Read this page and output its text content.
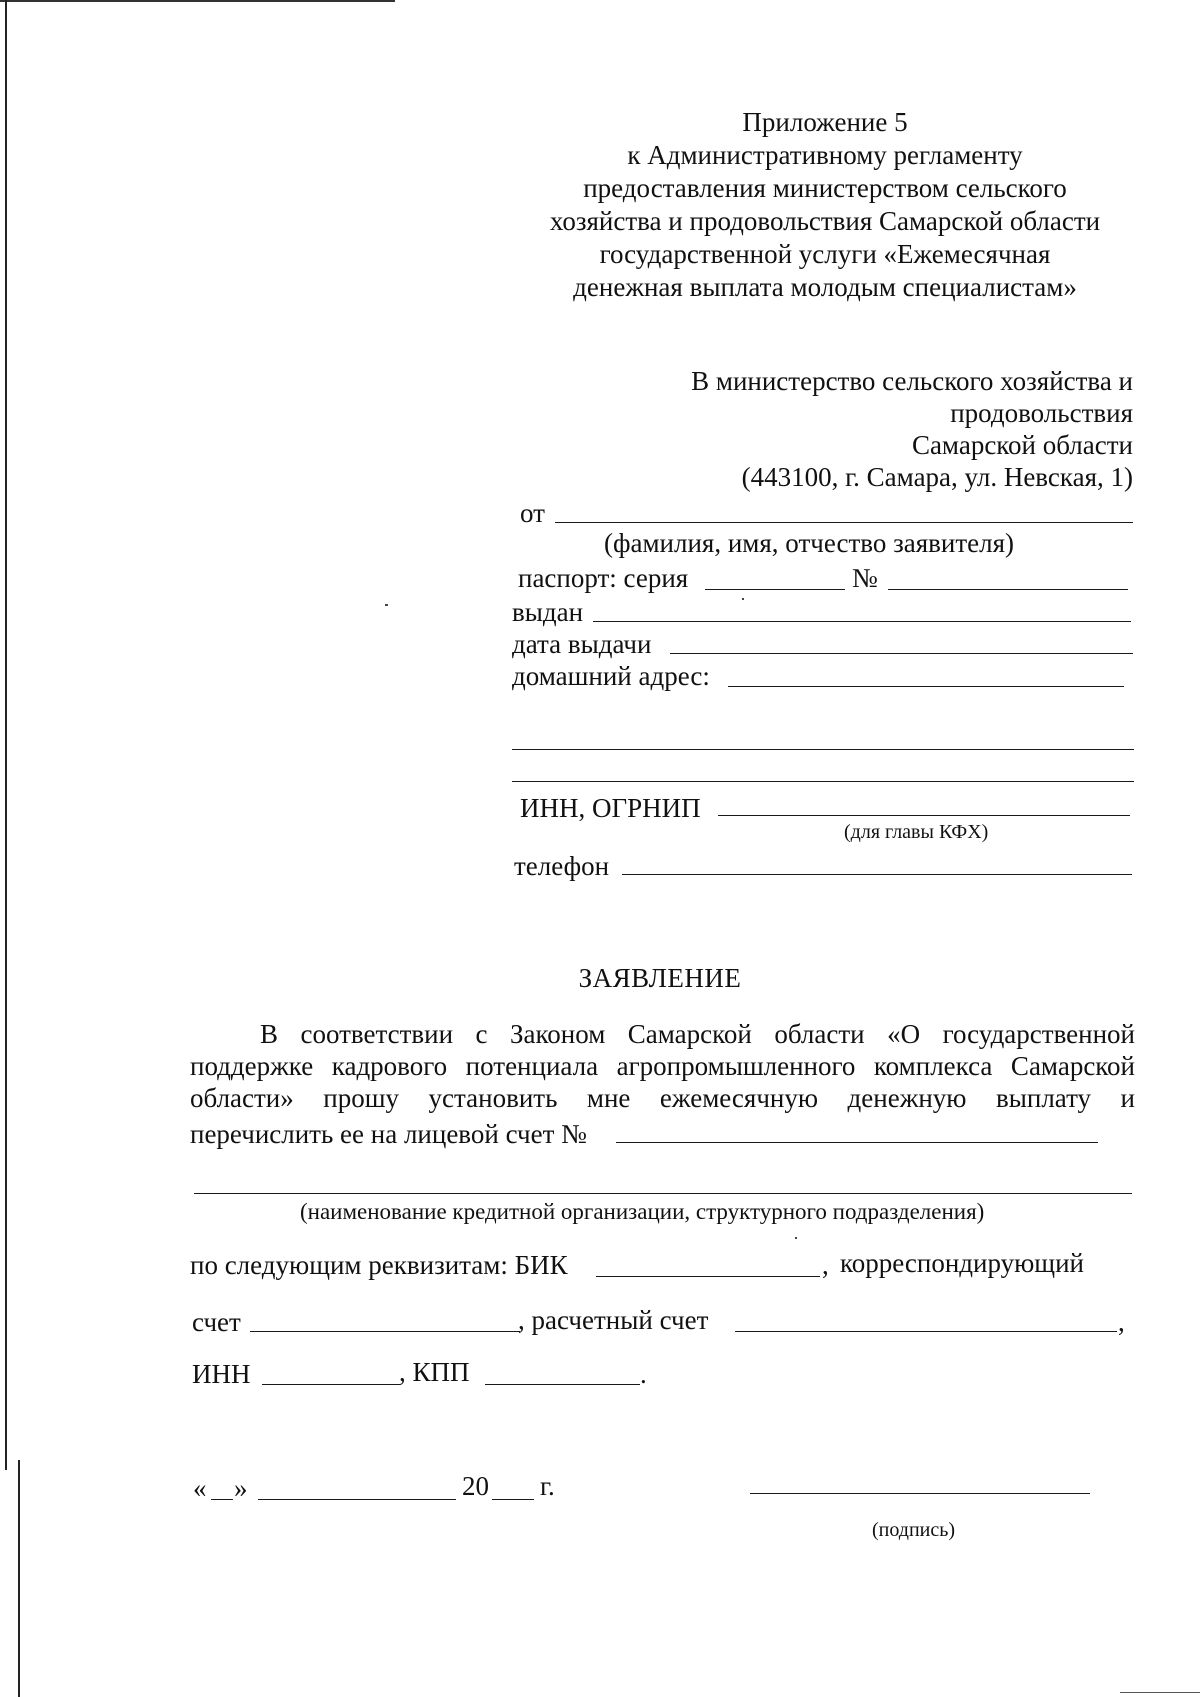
Приложение 5
к Административному регламенту
предоставления министерством сельского
хозяйства и продовольствия Самарской области
государственной услуги «Ежемесячная
денежная выплата молодым специалистам»
В министерство сельского хозяйства и
продовольствия
Самарской области
(443100, г. Самара, ул. Невская, 1)
от
(фамилия, имя, отчество заявителя)
паспорт: серия	№
выдан
дата выдачи
домашний адрес:
ИНН, ОГРНИП
(для главы КФХ)
телефон
ЗАЯВЛЕНИЕ
В соответствии с Законом Самарской области «О государственной
поддержке кадрового потенциала агропромышленного комплекса Самарской
области» прошу установить мне ежемесячную денежную выплату и
перечислить ее на лицевой счет №
(наименование кредитной организации, структурного подразделения)
по следующим реквизитам: БИК	, корреспондирующий
счет	, расчетный счет	,
ИНН	, КПП	.
« »	20 г.
(подпись)
